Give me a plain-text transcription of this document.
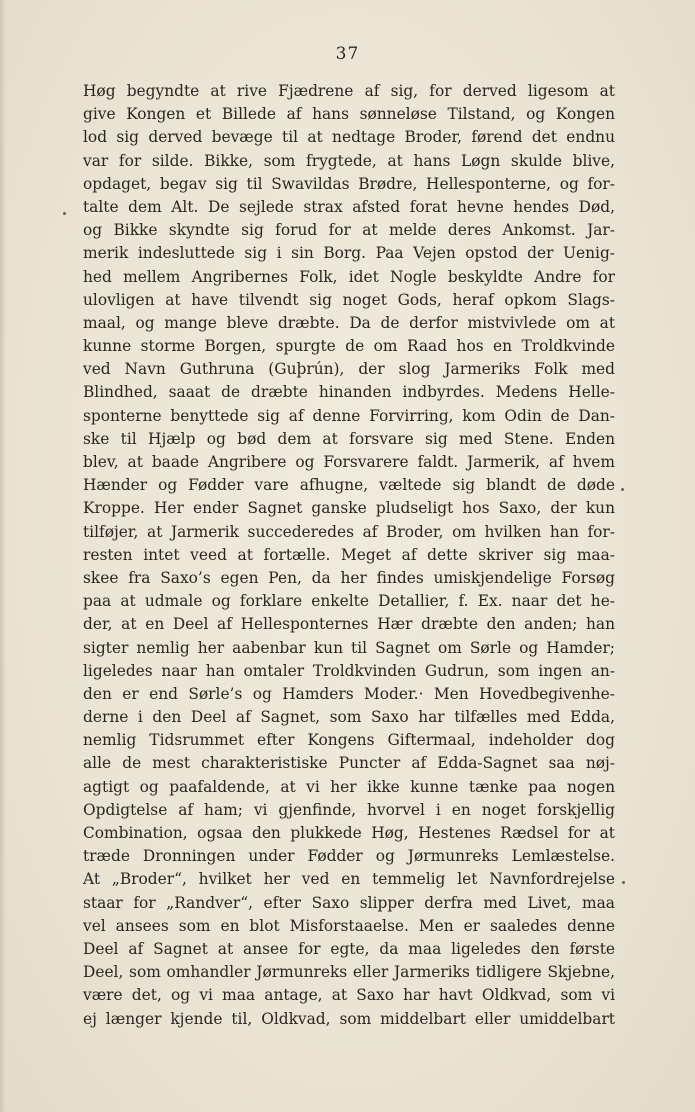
37
Høg begyndte at rive Fjædrene af sig, for derved ligesom at
give Kongen et Billede af hans sønneløse Tilstand, og Kongen
lod sig derved bevæge til at nedtage Broder, førend det endnu
var for silde. Bikke, som frygtede, at hans Løgn skulde blive,
opdaget, begav sig til Swavildas Brødre, Hellesponterne, og for-
talte dem Alt. De sejlede strax afsted forat hevne hendes Død,
og Bikke skyndte sig forud for at melde deres Ankomst. Jar-
merik indesluttede sig i sin Borg. Paa Vejen opstod der Uenig-
hed mellem Angribernes Folk, idet Nogle beskyldte Andre for
ulovligen at have tilvendt sig noget Gods, heraf opkom Slags-
maal, og mange bleve dræbte. Da de derfor mistvivlede om at
kunne storme Borgen, spurgte de om Raad hos en Troldkvinde
ved Navn Guthruna (Guþrún), der slog Jarmeriks Folk med
Blindhed, saaat de dræbte hinanden indbyrdes. Medens Helle-
sponterne benyttede sig af denne Forvirring, kom Odin de Dan-
ske til Hjælp og bød dem at forsvare sig med Stene. Enden
blev, at baade Angribere og Forsvarere faldt. Jarmerik, af hvem
Hænder og Fødder vare afhugne, væltede sig blandt de døde
Kroppe. Her ender Sagnet ganske pludseligt hos Saxo, der kun
tilføjer, at Jarmerik succederedes af Broder, om hvilken han for-
resten intet veed at fortælle. Meget af dette skriver sig maa-
skee fra Saxo’s egen Pen, da her findes umiskjendelige Forsøg
paa at udmale og forklare enkelte Detallier, f. Ex. naar det he-
der, at en Deel af Hellesponternes Hær dræbte den anden; han
sigter nemlig her aabenbar kun til Sagnet om Sørle og Hamder;
ligeledes naar han omtaler Troldkvinden Gudrun, som ingen an-
den er end Sørle’s og Hamders Moder.· Men Hovedbegivenhe-
derne i den Deel af Sagnet, som Saxo har tilfælles med Edda,
nemlig Tidsrummet efter Kongens Giftermaal, indeholder dog
alle de mest charakteristiske Puncter af Edda-Sagnet saa nøj-
agtigt og paafaldende, at vi her ikke kunne tænke paa nogen
Opdigtelse af ham; vi gjenfinde, hvorvel i en noget forskjellig
Combination, ogsaa den plukkede Høg, Hestenes Rædsel for at
træde Dronningen under Fødder og Jørmunreks Lemlæstelse.
At „Broder“, hvilket her ved en temmelig let Navnfordrejelse
staar for „Randver“, efter Saxo slipper derfra med Livet, maa
vel ansees som en blot Misforstaaelse. Men er saaledes denne
Deel af Sagnet at ansee for egte, da maa ligeledes den første
Deel, som omhandler Jørmunreks eller Jarmeriks tidligere Skjebne,
være det, og vi maa antage, at Saxo har havt Oldkvad, som vi
ej længer kjende til, Oldkvad, som middelbart eller umiddelbart
